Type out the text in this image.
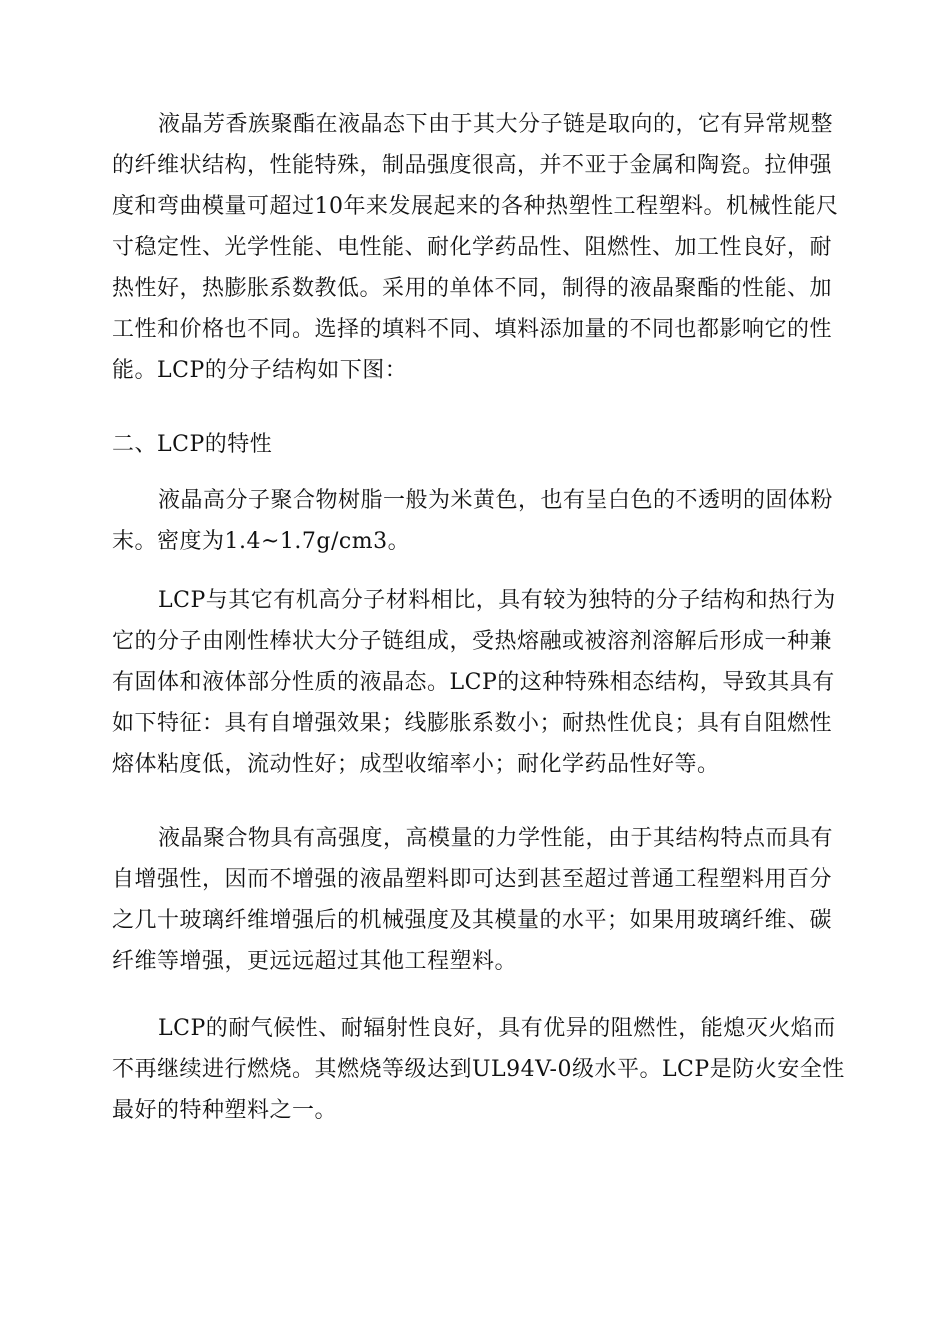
液晶芳香族聚酯在液晶态下由于其大分子链是取向的，它有异常规整
的纤维状结构，性能特殊，制品强度很高，并不亚于金属和陶瓷。拉伸强
度和弯曲模量可超过10年来发展起来的各种热塑性工程塑料。机械性能尺
寸稳定性、光学性能、电性能、耐化学药品性、阻燃性、加工性良好，耐
热性好，热膨胀系数教低。采用的单体不同，制得的液晶聚酯的性能、加
工性和价格也不同。选择的填料不同、填料添加量的不同也都影响它的性
能。LCP的分子结构如下图：
二、LCP的特性
液晶高分子聚合物树脂一般为米黄色，也有呈白色的不透明的固体粉
末。密度为1.4~1.7g/cm3。
LCP与其它有机高分子材料相比，具有较为独特的分子结构和热行为
它的分子由刚性棒状大分子链组成，受热熔融或被溶剂溶解后形成一种兼
有固体和液体部分性质的液晶态。LCP的这种特殊相态结构，导致其具有
如下特征：具有自增强效果；线膨胀系数小；耐热性优良；具有自阻燃性
熔体粘度低，流动性好；成型收缩率小；耐化学药品性好等。
液晶聚合物具有高强度，高模量的力学性能，由于其结构特点而具有
自增强性，因而不增强的液晶塑料即可达到甚至超过普通工程塑料用百分
之几十玻璃纤维增强后的机械强度及其模量的水平；如果用玻璃纤维、碳
纤维等增强，更远远超过其他工程塑料。
LCP的耐气候性、耐辐射性良好，具有优异的阻燃性，能熄灭火焰而
不再继续进行燃烧。其燃烧等级达到UL94V-0级水平。LCP是防火安全性
最好的特种塑料之一。
